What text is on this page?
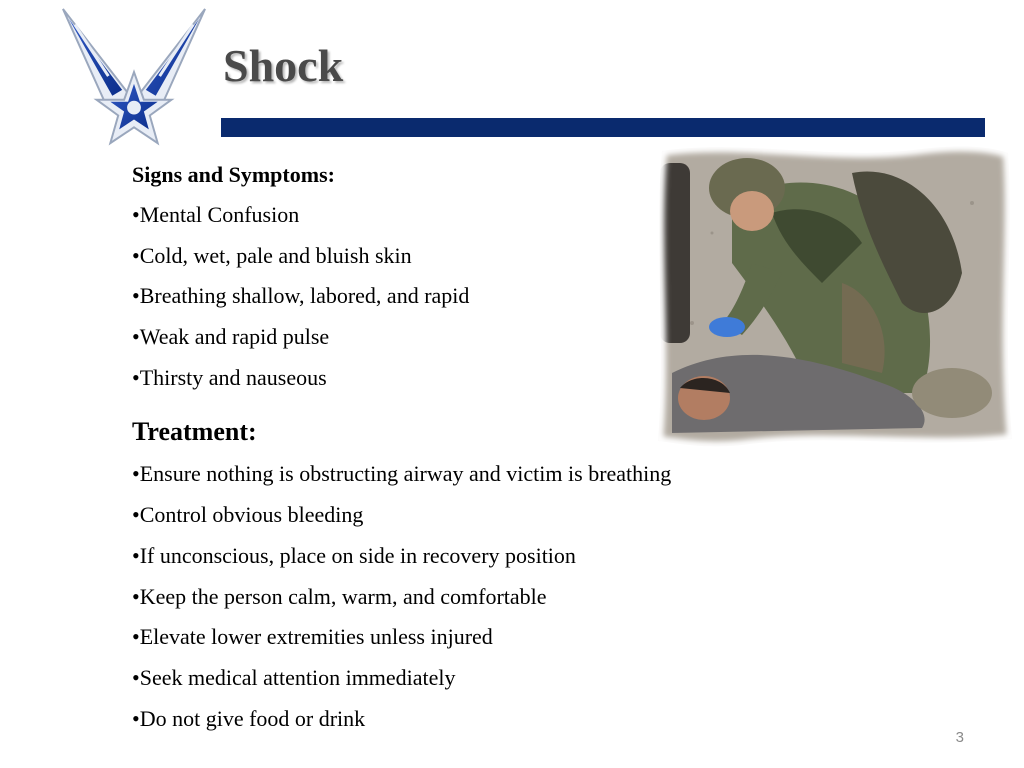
Shock
Signs and Symptoms:
•Mental Confusion
•Cold, wet, pale and bluish skin
•Breathing shallow, labored, and rapid
•Weak and rapid pulse
•Thirsty and nauseous
Treatment:
•Ensure nothing is obstructing airway and victim is breathing
•Control obvious bleeding
•If unconscious, place on side in recovery position
•Keep the person calm, warm, and comfortable
•Elevate lower extremities unless injured
•Seek medical attention immediately
•Do not give food or drink
3
